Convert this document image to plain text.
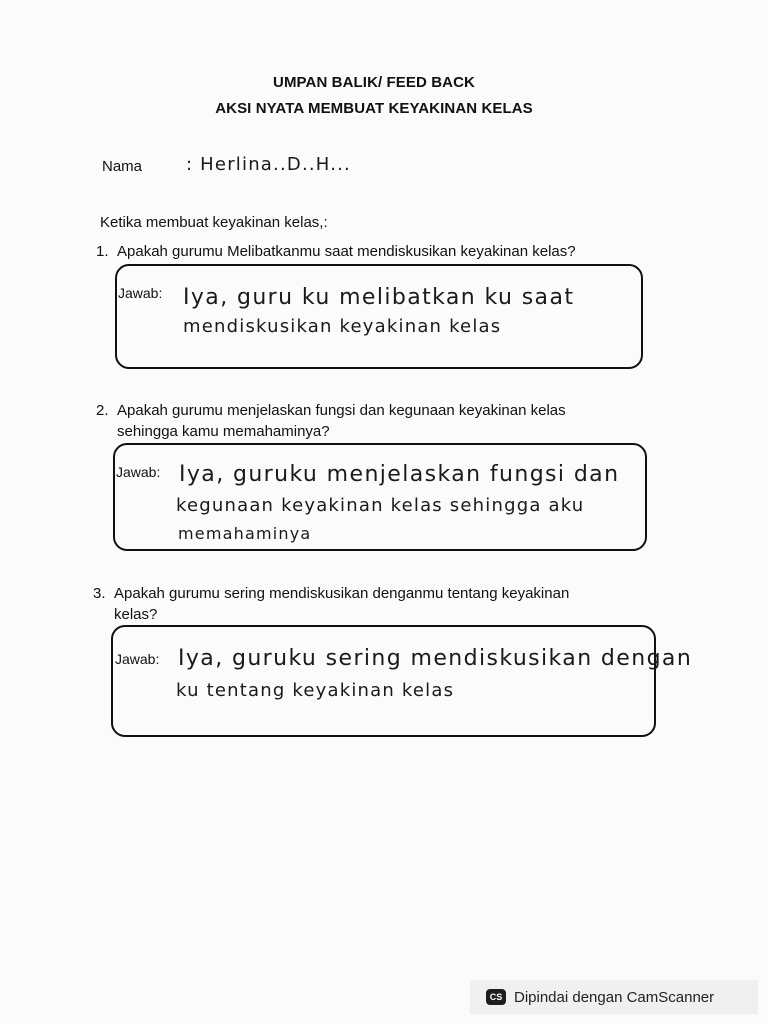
UMPAN BALIK/ FEED BACK
AKSI NYATA MEMBUAT KEYAKINAN KELAS
Nama : Herlina..D..H...
Ketika membuat keyakinan kelas,:
1. Apakah gurumu Melibatkanmu saat mendiskusikan keyakinan kelas?
Jawab: Iya, guru ku melibatkan ku saat
mendiskusikan keyakinan kelas
2. Apakah gurumu menjelaskan fungsi dan kegunaan keyakinan kelas
sehingga kamu memahaminya?
Jawab: Iya, guruku menjelaskan fungsi dan
kegunaan keyakinan kelas sehingga aku
memahaminya
3. Apakah gurumu sering mendiskusikan denganmu tentang keyakinan
kelas?
Jawab: Iya, guruku sering mendiskusikan dengan
ku tentang keyakinan kelas
CS Dipindai dengan CamScanner
